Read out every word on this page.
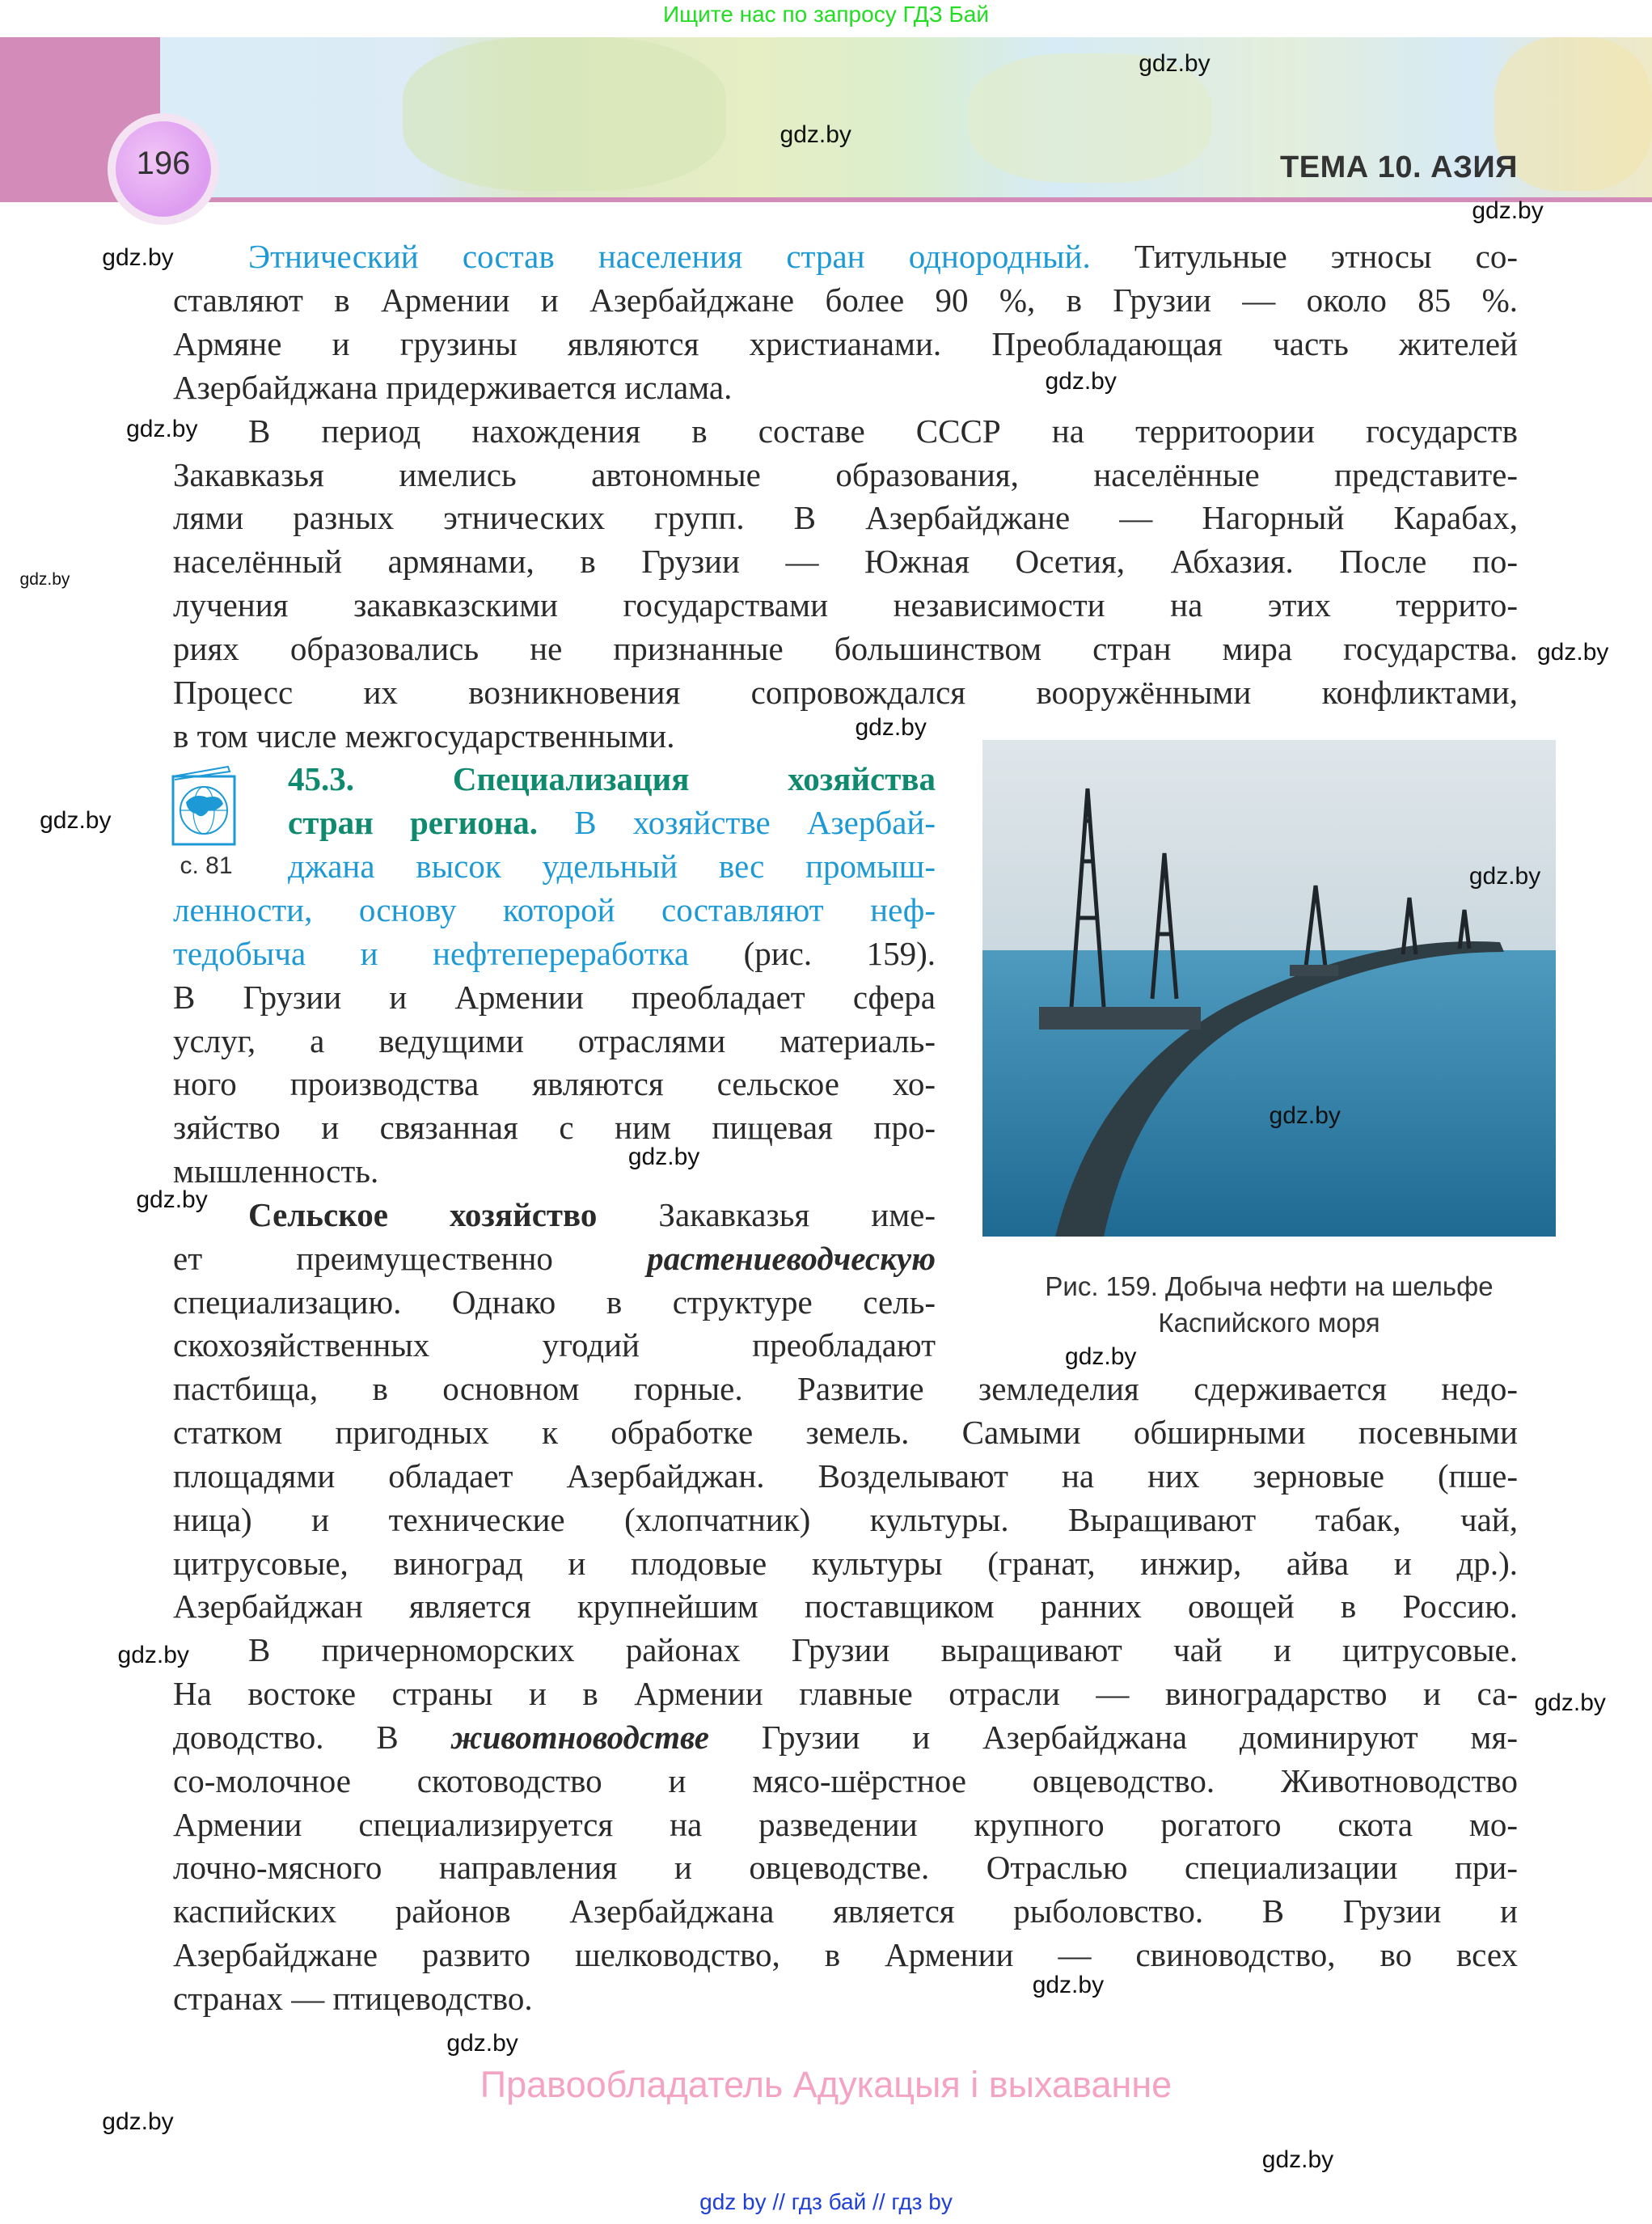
Ищите нас по запросу ГДЗ Бай
196	ТЕМА 10. АЗИЯ
Этнический состав населения стран однородный. Титульные этносы со-
ставляют в Армении и Азербайджане более 90 %, в Грузии — около 85 %.
Армяне и грузины являются христианами. Преобладающая часть жителей
Азербайджана придерживается ислама.
В период нахождения в составе СССР на территоории государств
Закавказья имелись автономные образования, населённые представите-
лями разных этнических групп. В Азербайджане — Нагорный Карабах,
населённый армянами, в Грузии — Южная Осетия, Абхазия. После по-
лучения закавказскими государствами независимости на этих террито-
риях образовались не признанные большинством стран мира государства.
Процесс их возникновения сопровождался вооружёнными конфликтами,
в том числе межгосударственными.
45.3. Специализация хозяйства
стран региона. В хозяйстве Азербай-
джана высок удельный вес промыш-
ленности, основу которой составляют неф-
тедобыча и нефтепереработка (рис. 159).
В Грузии и Армении преобладает сфера
услуг, а ведущими отраслями материаль-
ного производства являются сельское хо-
зяйство и связанная с ним пищевая про-
мышленность.
Сельское хозяйство Закавказья име-
ет преимущественно растениеводческую
специализацию. Однако в структуре сель-
скохозяйственных угодий преобладают
пастбища, в основном горные. Развитие земледелия сдерживается недо-
статком пригодных к обработке земель. Самыми обширными посевными
площадями обладает Азербайджан. Возделывают на них зерновые (пше-
ница) и технические (хлопчатник) культуры. Выращивают табак, чай,
цитрусовые, виноград и плодовые культуры (гранат, инжир, айва и др.).
Азербайджан является крупнейшим поставщиком ранних овощей в Россию.
В причерноморских районах Грузии выращивают чай и цитрусовые.
На востоке страны и в Армении главные отрасли — виноградарство и са-
доводство. В животноводстве Грузии и Азербайджана доминируют мя-
со-молочное скотоводство и мясо-шёрстное овцеводство. Животноводство
Армении специализируется на разведении крупного рогатого скота мо-
лочно-мясного направления и овцеводстве. Отраслью специализации при-
каспийских районов Азербайджана является рыболовство. В Грузии и
Азербайджане развито шелководство, в Армении — свиноводство, во всех
странах — птицеводство.
с. 81
Рис. 159. Добыча нефти на шельфе
Каспийского моря
gdz.by
gdz.by
gdz.by
gdz.by
gdz.by
gdz.by
gdz.by
gdz.by
gdz.by
gdz.by
gdz.by
gdz.by
gdz.by
gdz.by
gdz.by
gdz.by
gdz.by
gdz.by
gdz.by
gdz.by
gdz.by
Правообладатель Адукацыя і выхаванне
gdz by // гдз бай // гдз by
